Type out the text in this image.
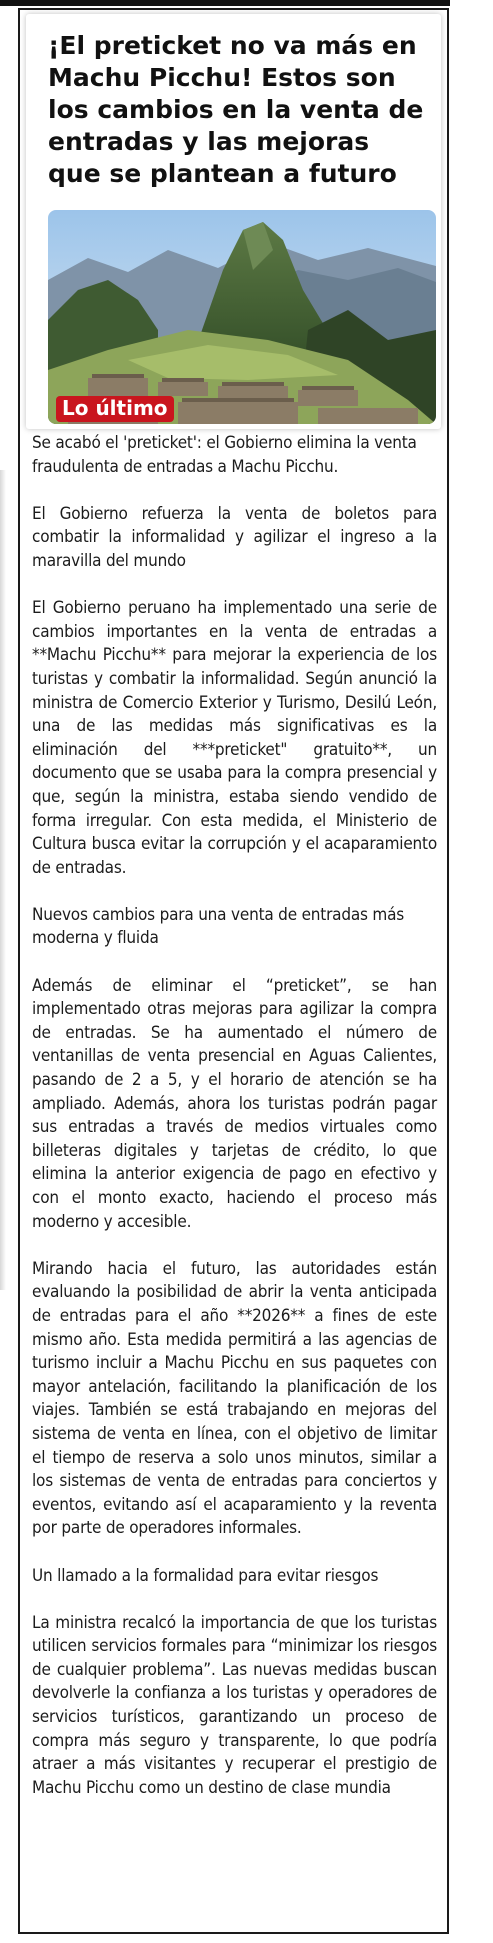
¡El preticket no va más en Machu Picchu! Estos son los cambios en la venta de entradas y las mejoras que se plantean a futuro
Lo último

Se acabó el 'preticket': el Gobierno elimina la venta fraudulenta de entradas a Machu Picchu.

El Gobierno refuerza la venta de boletos para combatir la informalidad y agilizar el ingreso a la maravilla del mundo

El Gobierno peruano ha implementado una serie de cambios importantes en la venta de entradas a **Machu Picchu** para mejorar la experiencia de los turistas y combatir la informalidad. Según anunció la ministra de Comercio Exterior y Turismo, Desilú León, una de las medidas más significativas es la eliminación del ***preticket" gratuito**, un documento que se usaba para la compra presencial y que, según la ministra, estaba siendo vendido de forma irregular. Con esta medida, el Ministerio de Cultura busca evitar la corrupción y el acaparamiento de entradas.

Nuevos cambios para una venta de entradas más moderna y fluida

Además de eliminar el “preticket”, se han implementado otras mejoras para agilizar la compra de entradas. Se ha aumentado el número de ventanillas de venta presencial en Aguas Calientes, pasando de 2 a 5, y el horario de atención se ha ampliado. Además, ahora los turistas podrán pagar sus entradas a través de medios virtuales como billeteras digitales y tarjetas de crédito, lo que elimina la anterior exigencia de pago en efectivo y con el monto exacto, haciendo el proceso más moderno y accesible.

Mirando hacia el futuro, las autoridades están evaluando la posibilidad de abrir la venta anticipada de entradas para el año **2026** a fines de este mismo año. Esta medida permitirá a las agencias de turismo incluir a Machu Picchu en sus paquetes con mayor antelación, facilitando la planificación de los viajes. También se está trabajando en mejoras del sistema de venta en línea, con el objetivo de limitar el tiempo de reserva a solo unos minutos, similar a los sistemas de venta de entradas para conciertos y eventos, evitando así el acaparamiento y la reventa por parte de operadores informales.

Un llamado a la formalidad para evitar riesgos

La ministra recalcó la importancia de que los turistas utilicen servicios formales para “minimizar los riesgos de cualquier problema”. Las nuevas medidas buscan devolverle la confianza a los turistas y operadores de servicios turísticos, garantizando un proceso de compra más seguro y transparente, lo que podría atraer a más visitantes y recuperar el prestigio de Machu Picchu como un destino de clase mundia
